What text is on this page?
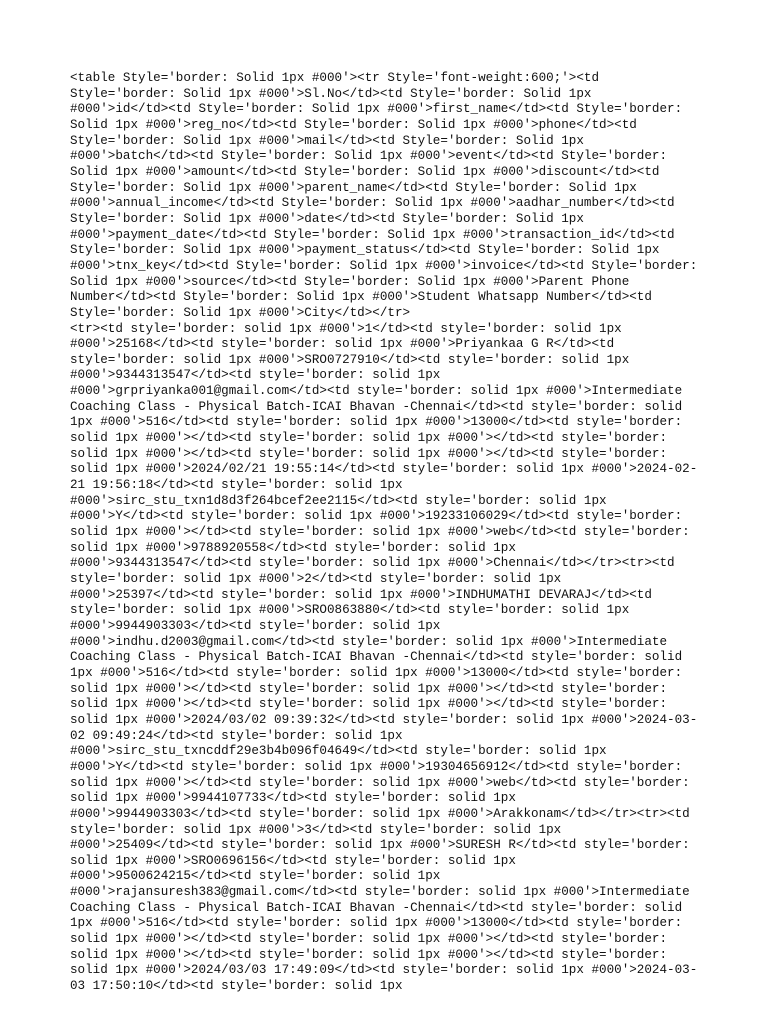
<table Style='border: Solid 1px #000'><tr Style='font-weight:600;'><td
Style='border: Solid 1px #000'>Sl.No</td><td Style='border: Solid 1px
#000'>id</td><td Style='border: Solid 1px #000'>first_name</td><td Style='border:
Solid 1px #000'>reg_no</td><td Style='border: Solid 1px #000'>phone</td><td
Style='border: Solid 1px #000'>mail</td><td Style='border: Solid 1px
#000'>batch</td><td Style='border: Solid 1px #000'>event</td><td Style='border:
Solid 1px #000'>amount</td><td Style='border: Solid 1px #000'>discount</td><td
Style='border: Solid 1px #000'>parent_name</td><td Style='border: Solid 1px
#000'>annual_income</td><td Style='border: Solid 1px #000'>aadhar_number</td><td
Style='border: Solid 1px #000'>date</td><td Style='border: Solid 1px
#000'>payment_date</td><td Style='border: Solid 1px #000'>transaction_id</td><td
Style='border: Solid 1px #000'>payment_status</td><td Style='border: Solid 1px
#000'>tnx_key</td><td Style='border: Solid 1px #000'>invoice</td><td Style='border:
Solid 1px #000'>source</td><td Style='border: Solid 1px #000'>Parent Phone
Number</td><td Style='border: Solid 1px #000'>Student Whatsapp Number</td><td
Style='border: Solid 1px #000'>City</td></tr>
<tr><td style='border: solid 1px #000'>1</td><td style='border: solid 1px
#000'>25168</td><td style='border: solid 1px #000'>Priyankaa G R</td><td
style='border: solid 1px #000'>SRO0727910</td><td style='border: solid 1px
#000'>9344313547</td><td style='border: solid 1px
#000'>grpriyanka001@gmail.com</td><td style='border: solid 1px #000'>Intermediate
Coaching Class - Physical Batch-ICAI Bhavan -Chennai</td><td style='border: solid
1px #000'>516</td><td style='border: solid 1px #000'>13000</td><td style='border:
solid 1px #000'></td><td style='border: solid 1px #000'></td><td style='border:
solid 1px #000'></td><td style='border: solid 1px #000'></td><td style='border:
solid 1px #000'>2024/02/21 19:55:14</td><td style='border: solid 1px #000'>2024-02-
21 19:56:18</td><td style='border: solid 1px
#000'>sirc_stu_txn1d8d3f264bcef2ee2115</td><td style='border: solid 1px
#000'>Y</td><td style='border: solid 1px #000'>19233106029</td><td style='border:
solid 1px #000'></td><td style='border: solid 1px #000'>web</td><td style='border:
solid 1px #000'>9788920558</td><td style='border: solid 1px
#000'>9344313547</td><td style='border: solid 1px #000'>Chennai</td></tr><tr><td
style='border: solid 1px #000'>2</td><td style='border: solid 1px
#000'>25397</td><td style='border: solid 1px #000'>INDHUMATHI DEVARAJ</td><td
style='border: solid 1px #000'>SRO0863880</td><td style='border: solid 1px
#000'>9944903303</td><td style='border: solid 1px
#000'>indhu.d2003@gmail.com</td><td style='border: solid 1px #000'>Intermediate
Coaching Class - Physical Batch-ICAI Bhavan -Chennai</td><td style='border: solid
1px #000'>516</td><td style='border: solid 1px #000'>13000</td><td style='border:
solid 1px #000'></td><td style='border: solid 1px #000'></td><td style='border:
solid 1px #000'></td><td style='border: solid 1px #000'></td><td style='border:
solid 1px #000'>2024/03/02 09:39:32</td><td style='border: solid 1px #000'>2024-03-
02 09:49:24</td><td style='border: solid 1px
#000'>sirc_stu_txncddf29e3b4b096f04649</td><td style='border: solid 1px
#000'>Y</td><td style='border: solid 1px #000'>19304656912</td><td style='border:
solid 1px #000'></td><td style='border: solid 1px #000'>web</td><td style='border:
solid 1px #000'>9944107733</td><td style='border: solid 1px
#000'>9944903303</td><td style='border: solid 1px #000'>Arakkonam</td></tr><tr><td
style='border: solid 1px #000'>3</td><td style='border: solid 1px
#000'>25409</td><td style='border: solid 1px #000'>SURESH R</td><td style='border:
solid 1px #000'>SRO0696156</td><td style='border: solid 1px
#000'>9500624215</td><td style='border: solid 1px
#000'>rajansuresh383@gmail.com</td><td style='border: solid 1px #000'>Intermediate
Coaching Class - Physical Batch-ICAI Bhavan -Chennai</td><td style='border: solid
1px #000'>516</td><td style='border: solid 1px #000'>13000</td><td style='border:
solid 1px #000'></td><td style='border: solid 1px #000'></td><td style='border:
solid 1px #000'></td><td style='border: solid 1px #000'></td><td style='border:
solid 1px #000'>2024/03/03 17:49:09</td><td style='border: solid 1px #000'>2024-03-
03 17:50:10</td><td style='border: solid 1px
